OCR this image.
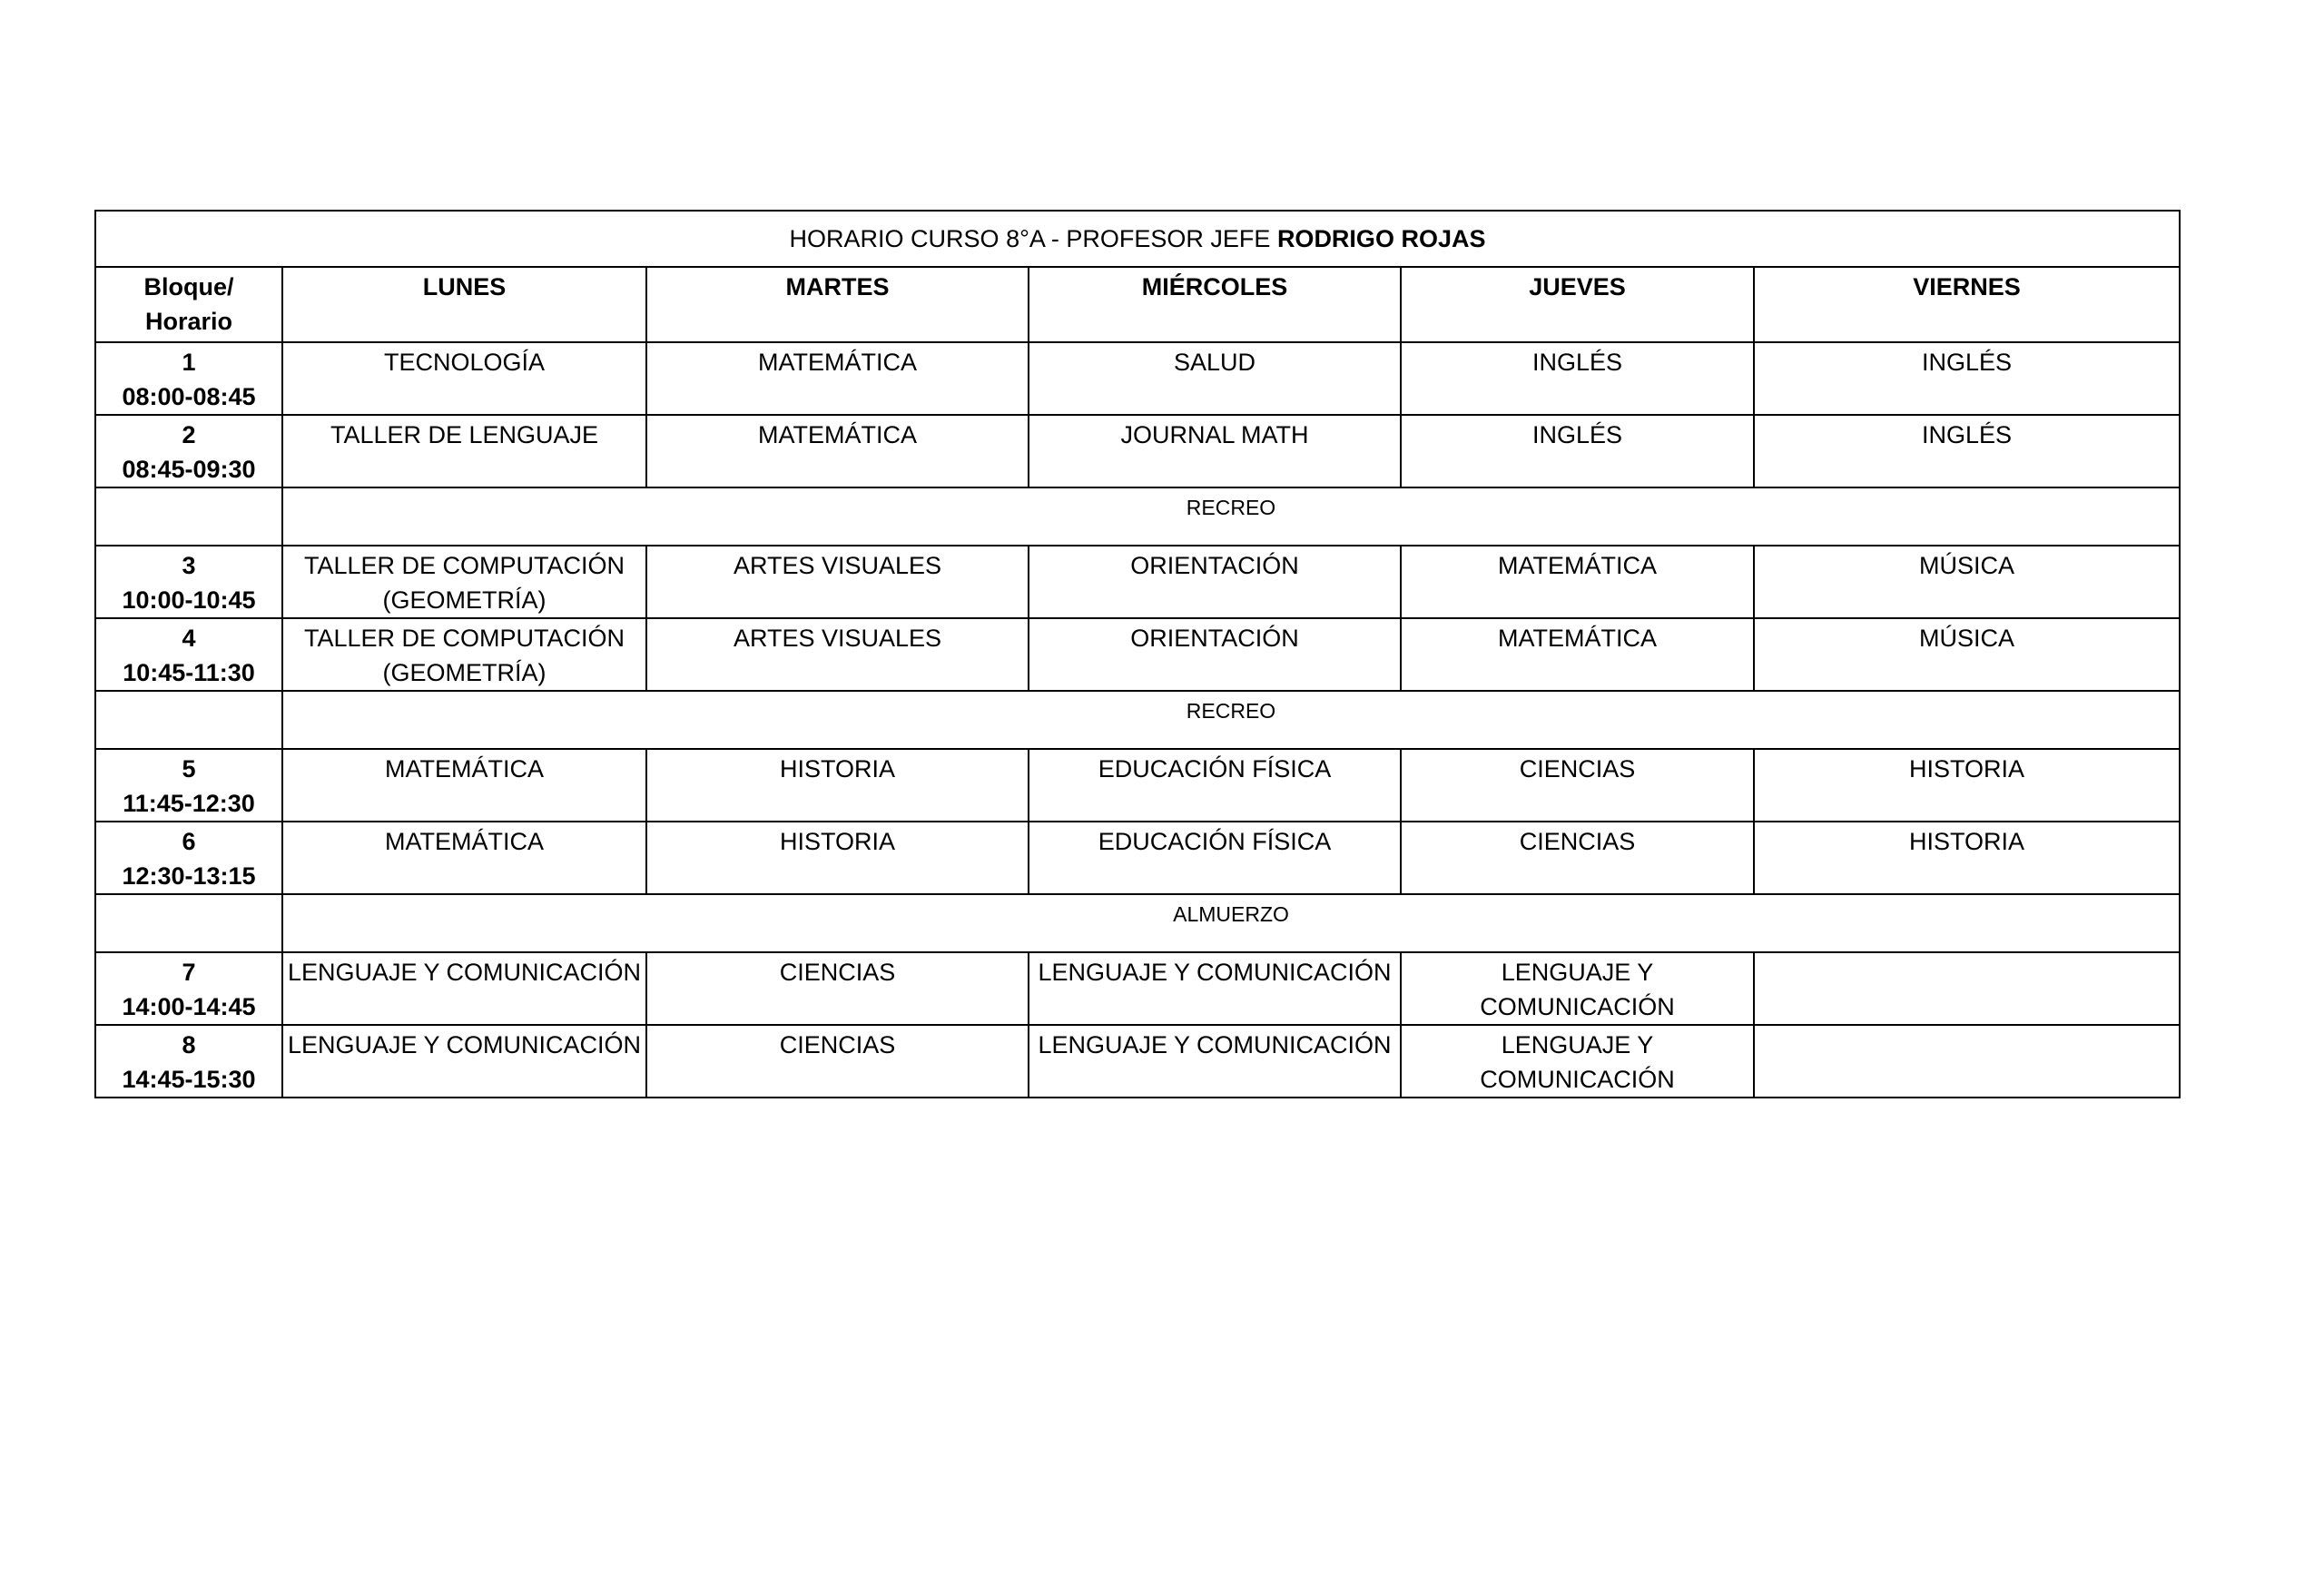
HORARIO CURSO 8°A - PROFESOR JEFE RODRIGO ROJAS					
Bloque/
Horario	LUNES	MARTES	MIÉRCOLES	JUEVES	VIERNES
1
08:00-08:45	TECNOLOGÍA	MATEMÁTICA	SALUD	INGLÉS	INGLÉS
2
08:45-09:30	TALLER DE LENGUAJE	MATEMÁTICA	JOURNAL MATH	INGLÉS	INGLÉS
	RECREO				
3
10:00-10:45	TALLER DE COMPUTACIÓN (GEOMETRÍA)	ARTES VISUALES	ORIENTACIÓN	MATEMÁTICA	MÚSICA
4
10:45-11:30	TALLER DE COMPUTACIÓN (GEOMETRÍA)	ARTES VISUALES	ORIENTACIÓN	MATEMÁTICA	MÚSICA
	RECREO				
5
11:45-12:30	MATEMÁTICA	HISTORIA	EDUCACIÓN FÍSICA	CIENCIAS	HISTORIA
6
12:30-13:15	MATEMÁTICA	HISTORIA	EDUCACIÓN FÍSICA	CIENCIAS	HISTORIA
	ALMUERZO				
7
14:00-14:45	LENGUAJE Y COMUNICACIÓN	CIENCIAS	LENGUAJE Y COMUNICACIÓN	LENGUAJE Y COMUNICACIÓN	
8
14:45-15:30	LENGUAJE Y COMUNICACIÓN	CIENCIAS	LENGUAJE Y COMUNICACIÓN	LENGUAJE Y COMUNICACIÓN	
